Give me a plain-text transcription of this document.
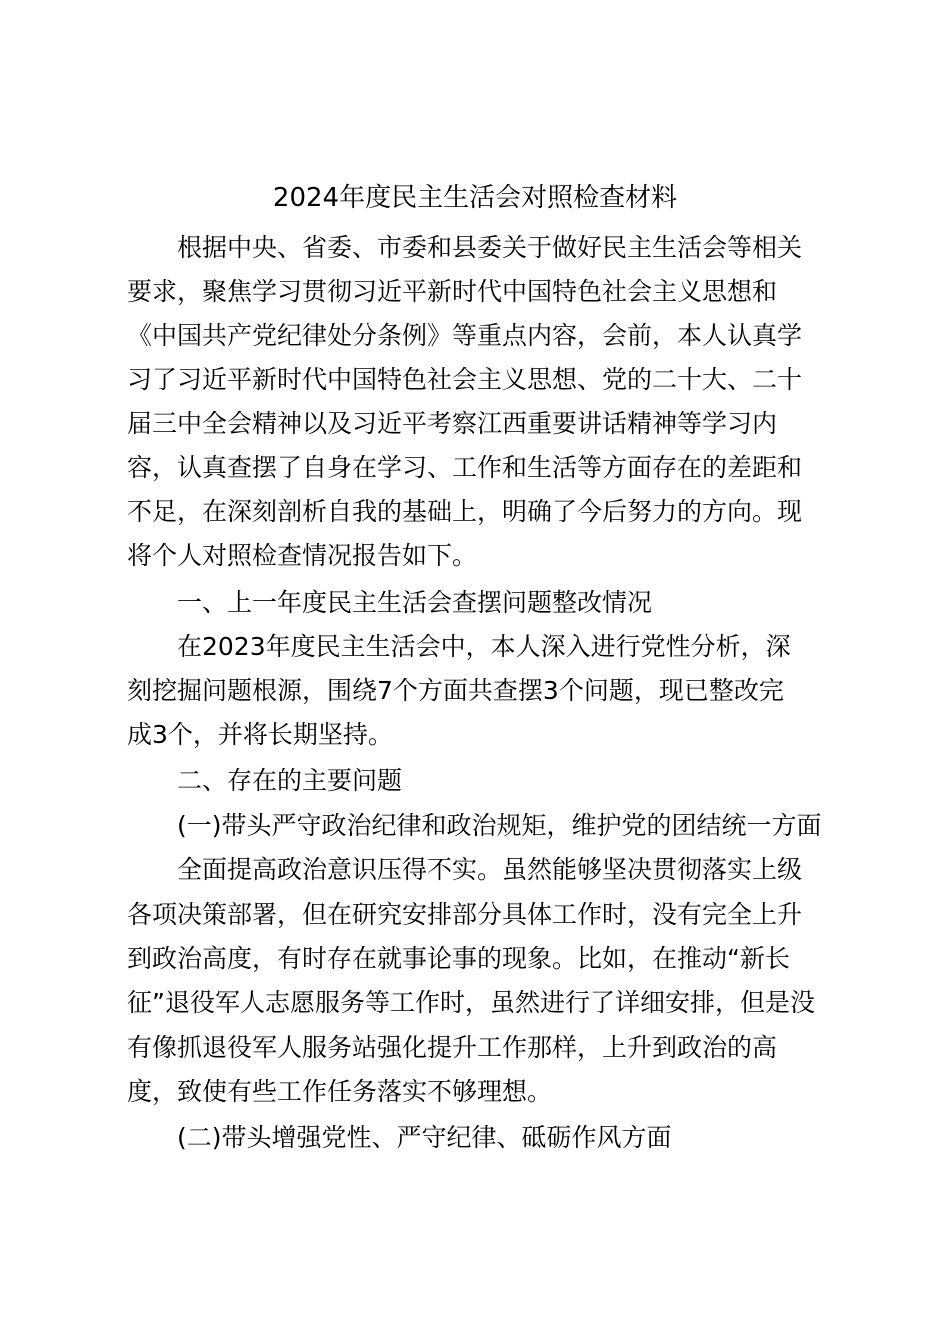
2024年度民主生活会对照检查材料
根据中央、省委、市委和县委关于做好民主生活会等相关
要求，聚焦学习贯彻习近平新时代中国特色社会主义思想和
《中国共产党纪律处分条例》等重点内容，会前，本人认真学
习了习近平新时代中国特色社会主义思想、党的二十大、二十
届三中全会精神以及习近平考察江西重要讲话精神等学习内
容，认真查摆了自身在学习、工作和生活等方面存在的差距和
不足，在深刻剖析自我的基础上，明确了今后努力的方向。现
将个人对照检查情况报告如下。
一、上一年度民主生活会查摆问题整改情况
在2023年度民主生活会中，本人深入进行党性分析，深
刻挖掘问题根源，围绕7个方面共查摆3个问题，现已整改完
成3个，并将长期坚持。
二、存在的主要问题
(一)带头严守政治纪律和政治规矩，维护党的团结统一方面
全面提高政治意识压得不实。虽然能够坚决贯彻落实上级
各项决策部署，但在研究安排部分具体工作时，没有完全上升
到政治高度，有时存在就事论事的现象。比如，在推动“新长
征”退役军人志愿服务等工作时，虽然进行了详细安排，但是没
有像抓退役军人服务站强化提升工作那样，上升到政治的高
度，致使有些工作任务落实不够理想。
(二)带头增强党性、严守纪律、砥砺作风方面
